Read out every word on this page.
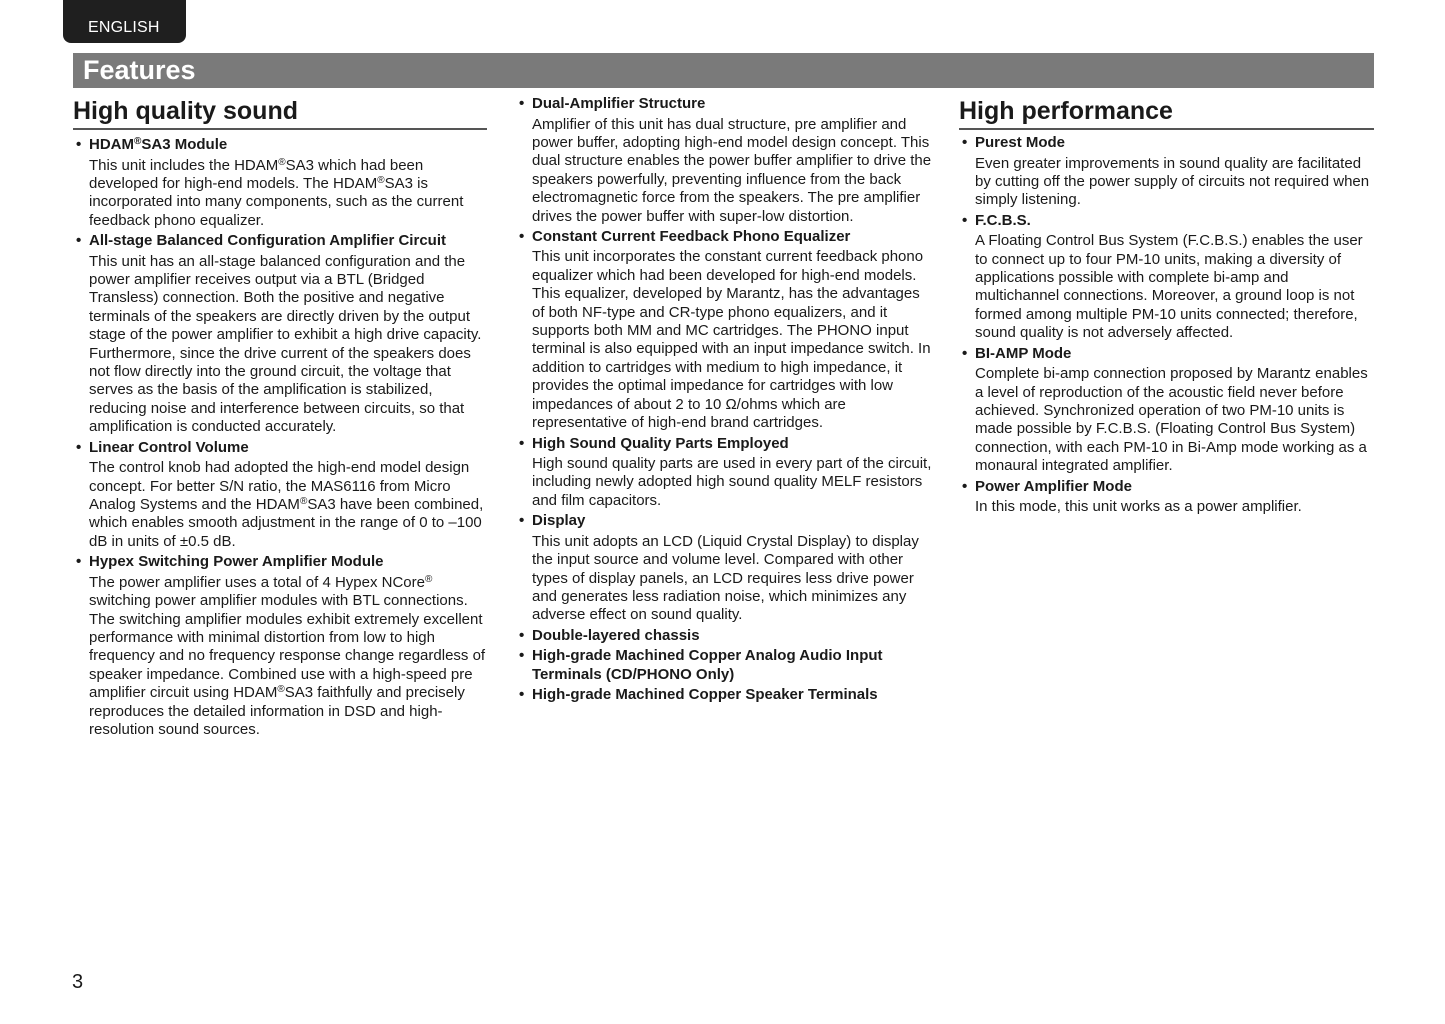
ENGLISH
Features
High quality sound
• HDAM®SA3 Module
This unit includes the HDAM®SA3 which had been developed for high-end models. The HDAM®SA3 is incorporated into many components, such as the current feedback phono equalizer.
• All-stage Balanced Configuration Amplifier Circuit
This unit has an all-stage balanced configuration and the power amplifier receives output via a BTL (Bridged Transless) connection. Both the positive and negative terminals of the speakers are directly driven by the output stage of the power amplifier to exhibit a high drive capacity. Furthermore, since the drive current of the speakers does not flow directly into the ground circuit, the voltage that serves as the basis of the amplification is stabilized, reducing noise and interference between circuits, so that amplification is conducted accurately.
• Linear Control Volume
The control knob had adopted the high-end model design concept. For better S/N ratio, the MAS6116 from Micro Analog Systems and the HDAM®SA3 have been combined, which enables smooth adjustment in the range of 0 to –100 dB in units of ±0.5 dB.
• Hypex Switching Power Amplifier Module
The power amplifier uses a total of 4 Hypex NCore® switching power amplifier modules with BTL connections. The switching amplifier modules exhibit extremely excellent performance with minimal distortion from low to high frequency and no frequency response change regardless of speaker impedance. Combined use with a high-speed pre amplifier circuit using HDAM®SA3 faithfully and precisely reproduces the detailed information in DSD and high-resolution sound sources.
• Dual-Amplifier Structure
Amplifier of this unit has dual structure, pre amplifier and power buffer, adopting high-end model design concept. This dual structure enables the power buffer amplifier to drive the speakers powerfully, preventing influence from the back electromagnetic force from the speakers. The pre amplifier drives the power buffer with super-low distortion.
• Constant Current Feedback Phono Equalizer
This unit incorporates the constant current feedback phono equalizer which had been developed for high-end models. This equalizer, developed by Marantz, has the advantages of both NF-type and CR-type phono equalizers, and it supports both MM and MC cartridges. The PHONO input terminal is also equipped with an input impedance switch. In addition to cartridges with medium to high impedance, it provides the optimal impedance for cartridges with low impedances of about 2 to 10 Ω/ohms which are representative of high-end brand cartridges.
• High Sound Quality Parts Employed
High sound quality parts are used in every part of the circuit, including newly adopted high sound quality MELF resistors and film capacitors.
• Display
This unit adopts an LCD (Liquid Crystal Display) to display the input source and volume level. Compared with other types of display panels, an LCD requires less drive power and generates less radiation noise, which minimizes any adverse effect on sound quality.
• Double-layered chassis
• High-grade Machined Copper Analog Audio Input Terminals (CD/PHONO Only)
• High-grade Machined Copper Speaker Terminals
High performance
• Purest Mode
Even greater improvements in sound quality are facilitated by cutting off the power supply of circuits not required when simply listening.
• F.C.B.S.
A Floating Control Bus System (F.C.B.S.) enables the user to connect up to four PM-10 units, making a diversity of applications possible with complete bi-amp and multichannel connections. Moreover, a ground loop is not formed among multiple PM-10 units connected; therefore, sound quality is not adversely affected.
• BI-AMP Mode
Complete bi-amp connection proposed by Marantz enables a level of reproduction of the acoustic field never before achieved. Synchronized operation of two PM-10 units is made possible by F.C.B.S. (Floating Control Bus System) connection, with each PM-10 in Bi-Amp mode working as a monaural integrated amplifier.
• Power Amplifier Mode
In this mode, this unit works as a power amplifier.
3
